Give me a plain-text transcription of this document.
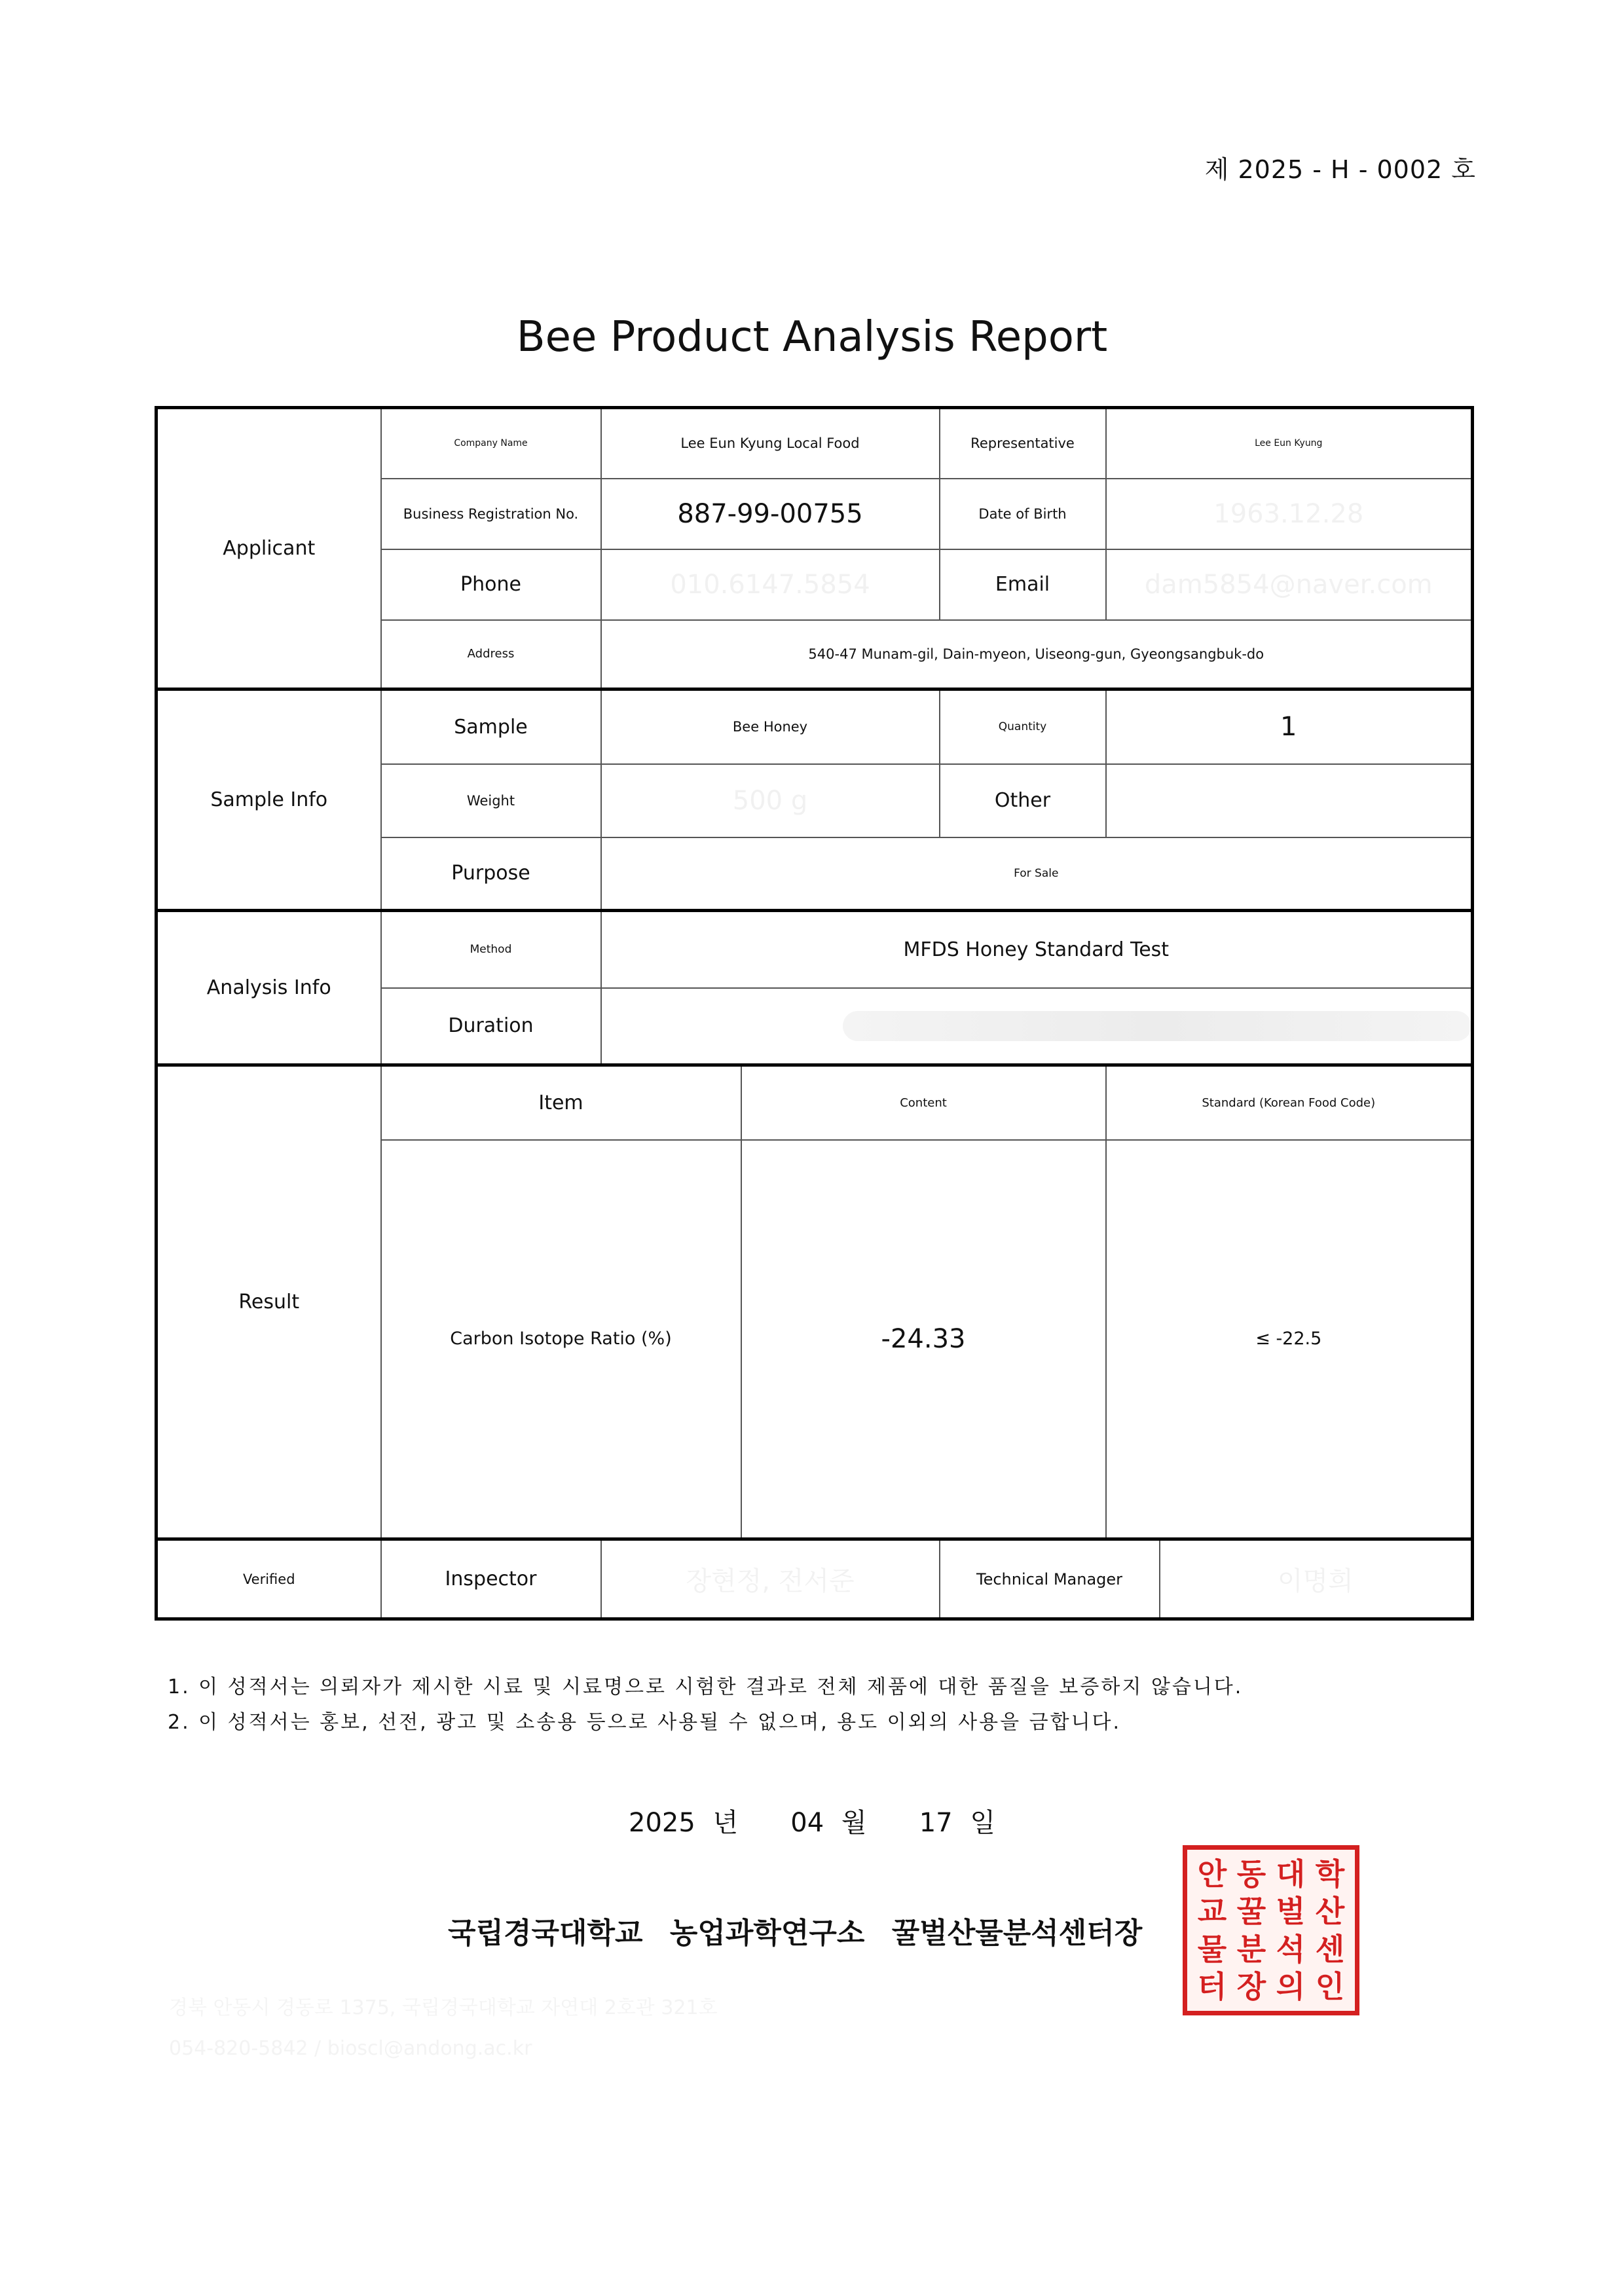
제 2025 - H - 0002 호
Bee Product Analysis Report
Applicant	Company Name	Lee Eun Kyung Local Food		Representative	Lee Eun Kyung	
	Business Registration No.	887-99-00755		Date of Birth	1963.12.28	
	Phone	010.6147.5854		Email	dam5854@naver.com	
	Address	540-47 Munam-gil, Dain-myeon, Uiseong-gun, Gyeongsangbuk-do				
Sample Info	Sample	Bee Honey		Quantity	1	
	Weight	500 g		Other		
	Purpose	For Sale				
Analysis Info	Method	MFDS Honey Standard Test				
	Duration					
Result	Item		Content		Standard (Korean Food Code)	
	Carbon Isotope Ratio (%)		-24.33		≤ -22.5	
Verified	Inspector	장현정, 전서준		Technical Manager		이명희
1. 이 성적서는 의뢰자가 제시한 시료 및 시료명으로 시험한 결과로 전체 제품에 대한 품질을 보증하지 않습니다.
2. 이 성적서는 홍보, 선전, 광고 및 소송용 등으로 사용될 수 없으며, 용도 이외의 사용을 금합니다.
2025 년   04 월   17 일
국립경국대학교 농업과학연구소 꿀벌산물분석센터장
안 동 대 학
교 꿀 벌 산
물 분 석 센
터 장 의 인
경북 안동시 경동로 1375, 국립경국대학교 자연대 2호관 321호
054-820-5842 / bioscl@andong.ac.kr
